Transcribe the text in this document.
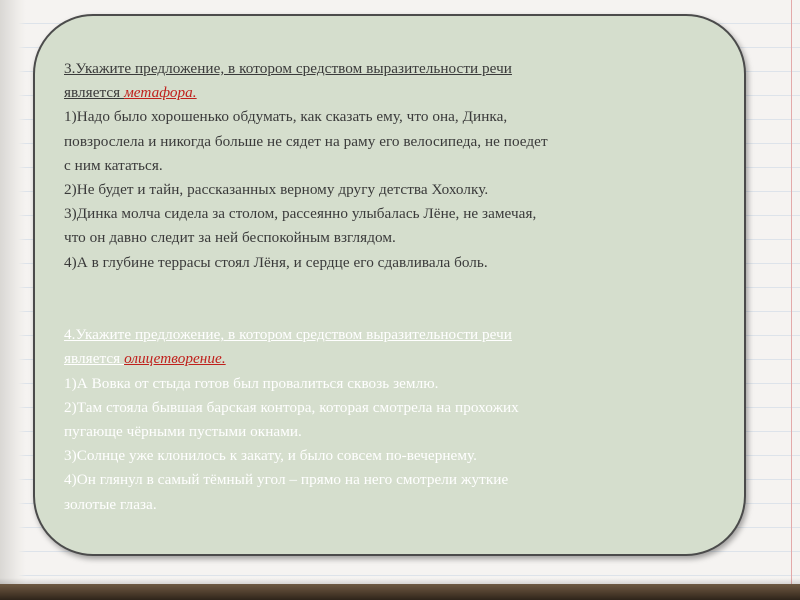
3.Укажите предложение, в котором средством выразительности речи
является метафора.
1)Надо было хорошенько обдумать, как сказать ему, что она, Динка,
повзрослела и никогда больше не сядет на раму его велосипеда, не поедет
с ним кататься.
2)Не будет и тайн, рассказанных верному другу детства Хохолку.
3)Динка молча сидела за столом, рассеянно улыбалась Лёне, не замечая,
что он давно следит за ней беспокойным взглядом.
4)А в глубине террасы стоял Лёня, и сердце его сдавливала боль.
4.Укажите предложение, в котором средством выразительности речи
является олицетворение.
1)А Вовка от стыда готов был провалиться сквозь землю.
2)Там стояла бывшая барская контора, которая смотрела на прохожих
пугающе чёрными пустыми окнами.
3)Солнце уже клонилось к закату, и было совсем по-вечернему.
4)Он глянул в самый тёмный угол – прямо на него смотрели жуткие
золотые глаза.
